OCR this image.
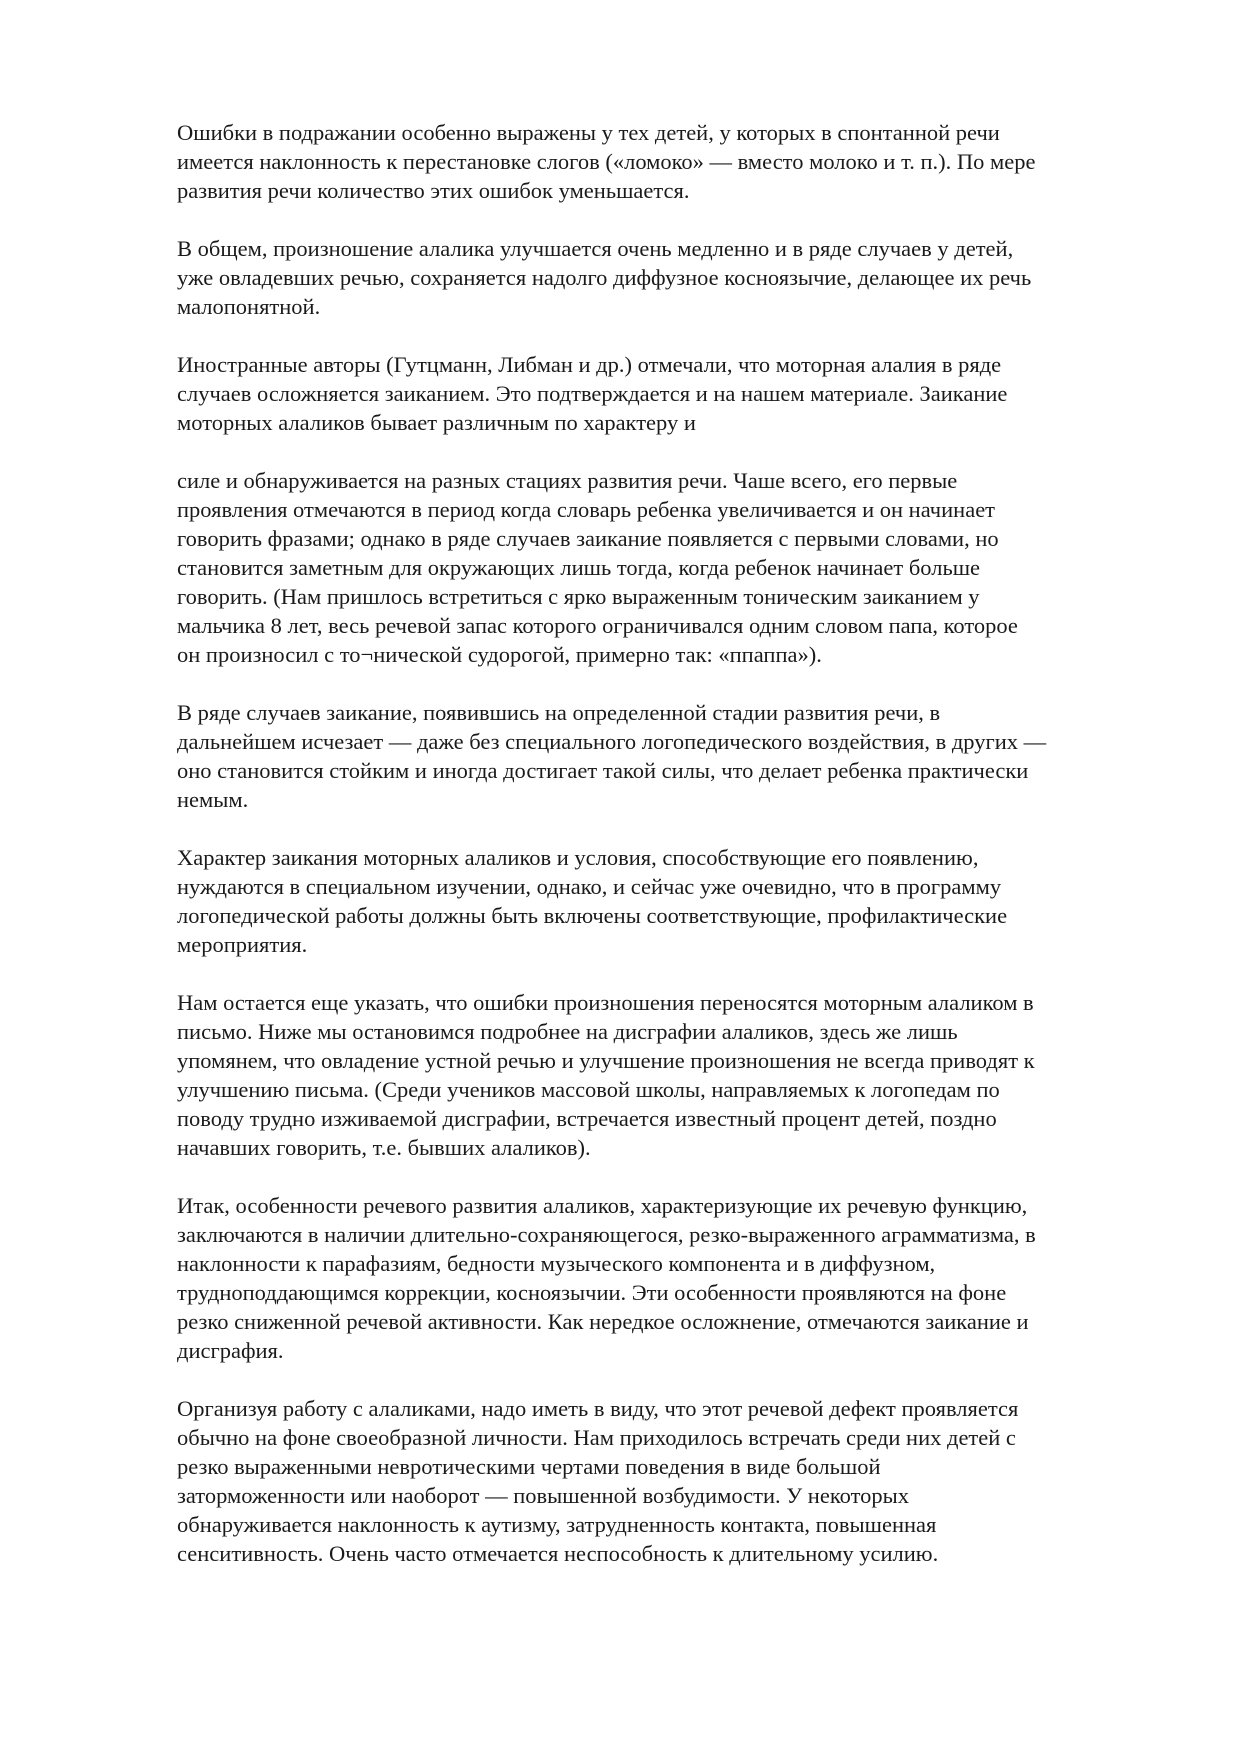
Ошибки в подражании особенно выражены у тех детей, у которых в спонтанной речи
имеется наклонность к перестановке слогов («ломоко» — вместо молоко и т. п.). По мере
развития речи количество этих ошибок уменьшается.

В общем, произношение алалика улучшается очень медленно и в ряде случаев у детей,
уже овладевших речью, сохраняется надолго диффузное косноязычие, делающее их речь
малопонятной.

Иностранные авторы (Гутцманн, Либман и др.) отмечали, что моторная алалия в ряде
случаев осложняется заиканием. Это подтверждается и на нашем материале. Заикание
моторных алаликов бывает различным по характеру и

силе и обнаруживается на разных стациях развития речи. Чаше всего, его первые
проявления отмечаются в период когда словарь ребенка увеличивается и он начинает
говорить фразами; однако в ряде случаев заикание появляется с первыми словами, но
становится заметным для окружающих лишь тогда, когда ребенок начинает больше
говорить. (Нам пришлось встретиться с ярко выраженным тоническим заиканием у
мальчика 8 лет, весь речевой запас которого ограничивался одним словом папа, которое
он произносил с то¬нической судорогой, примерно так: «ппаппа»).

В ряде случаев заикание, появившись на определенной стадии развития речи, в
дальнейшем исчезает — даже без специального логопедического воздействия, в других —
оно становится стойким и иногда достигает такой силы, что делает ребенка практически
немым.

Характер заикания моторных алаликов и условия, способствующие его появлению,
нуждаются в специальном изучении, однако, и сейчас уже очевидно, что в программу
логопедической работы должны быть включены соответствующие, профилактические
мероприятия.

Нам остается еще указать, что ошибки произношения переносятся моторным алаликом в
письмо. Ниже мы остановимся подробнее на дисграфии алаликов, здесь же лишь
упомянем, что овладение устной речью и улучшение произношения не всегда приводят к
улучшению письма. (Среди учеников массовой школы, направляемых к логопедам по
поводу трудно изживаемой дисграфии, встречается известный процент детей, поздно
начавших говорить, т.е. бывших алаликов).

Итак, особенности речевого развития алаликов, характеризующие их речевую функцию,
заключаются в наличии длительно-сохраняющегося, резко-выраженного аграмматизма, в
наклонности к парафазиям, бедности музыческого компонента и в диффузном,
трудноподдающимся коррекции, косноязычии. Эти особенности проявляются на фоне
резко сниженной речевой активности. Как нередкое осложнение, отмечаются заикание и
дисграфия.

Организуя работу с алаликами, надо иметь в виду, что этот речевой дефект проявляется
обычно на фоне своеобразной личности. Нам приходилось встречать среди них детей с
резко выраженными невротическими чертами поведения в виде большой
заторможенности или наоборот — повышенной возбудимости. У некоторых
обнаруживается наклонность к аутизму, затрудненность контакта, повышенная
сенситивность. Очень часто отмечается неспособность к длительному усилию.
